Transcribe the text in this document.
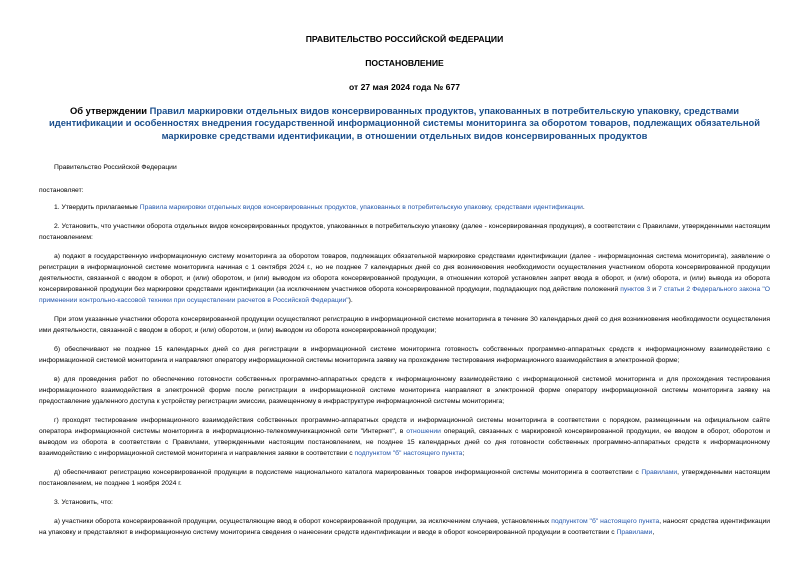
ПРАВИТЕЛЬСТВО РОССИЙСКОЙ ФЕДЕРАЦИИ
ПОСТАНОВЛЕНИЕ
от 27 мая 2024 года № 677
Об утверждении Правил маркировки отдельных видов консервированных продуктов, упакованных в потребительскую упаковку, средствами идентификации и особенностях внедрения государственной информационной системы мониторинга за оборотом товаров, подлежащих обязательной маркировке средствами идентификации, в отношении отдельных видов консервированных продуктов

Правительство Российской Федерации

постановляет:

1. Утвердить прилагаемые Правила маркировки отдельных видов консервированных продуктов, упакованных в потребительскую упаковку, средствами идентификации.

2. Установить, что участники оборота отдельных видов консервированных продуктов, упакованных в потребительскую упаковку (далее - консервированная продукция), в соответствии с Правилами, утвержденными настоящим постановлением:

а) подают в государственную информационную систему мониторинга за оборотом товаров, подлежащих обязательной маркировке средствами идентификации (далее - информационная система мониторинга), заявление о регистрации в информационной системе мониторинга начиная с 1 сентября 2024 г., но не позднее 7 календарных дней со дня возникновения необходимости осуществления участником оборота консервированной продукции деятельности, связанной с вводом в оборот, и (или) оборотом, и (или) выводом из оборота консервированной продукции, в отношении которой установлен запрет ввода в оборот, и (или) оборота, и (или) вывода из оборота консервированной продукции без маркировки средствами идентификации (за исключением участников оборота консервированной продукции, подпадающих под действие положений пунктов 3 и 7 статьи 2 Федерального закона "О применении контрольно-кассовой техники при осуществлении расчетов в Российской Федерации").

При этом указанные участники оборота консервированной продукции осуществляют регистрацию в информационной системе мониторинга в течение 30 календарных дней со дня возникновения необходимости осуществления ими деятельности, связанной с вводом в оборот, и (или) оборотом, и (или) выводом из оборота консервированной продукции;

б) обеспечивают не позднее 15 календарных дней со дня регистрации в информационной системе мониторинга готовность собственных программно-аппаратных средств к информационному взаимодействию с информационной системой мониторинга и направляют оператору информационной системы мониторинга заявку на прохождение тестирования информационного взаимодействия в электронной форме;

в) для проведения работ по обеспечению готовности собственных программно-аппаратных средств к информационному взаимодействию с информационной системой мониторинга и для прохождения тестирования информационного взаимодействия в электронной форме после регистрации в информационной системе мониторинга направляют в электронной форме оператору информационной системы мониторинга заявку на предоставление удаленного доступа к устройству регистрации эмиссии, размещенному в инфраструктуре информационной системы мониторинга;

г) проходят тестирование информационного взаимодействия собственных программно-аппаратных средств и информационной системы мониторинга в соответствии с порядком, размещенным на официальном сайте оператора информационной системы мониторинга в информационно-телекоммуникационной сети "Интернет", в отношении операций, связанных с маркировкой консервированной продукции, ее вводом в оборот, оборотом и выводом из оборота в соответствии с Правилами, утвержденными настоящим постановлением, не позднее 15 календарных дней со дня готовности собственных программно-аппаратных средств к информационному взаимодействию с информационной системой мониторинга и направления заявки в соответствии с подпунктом "б" настоящего пункта;

д) обеспечивают регистрацию консервированной продукции в подсистеме национального каталога маркированных товаров информационной системы мониторинга в соответствии с Правилами, утвержденными настоящим постановлением, не позднее 1 ноября 2024 г.

3. Установить, что:

а) участники оборота консервированной продукции, осуществляющие ввод в оборот консервированной продукции, за исключением случаев, установленных подпунктом "б" настоящего пункта, наносят средства идентификации на упаковку и представляют в информационную систему мониторинга сведения о нанесении средств идентификации и вводе в оборот консервированной продукции в соответствии с Правилами,
